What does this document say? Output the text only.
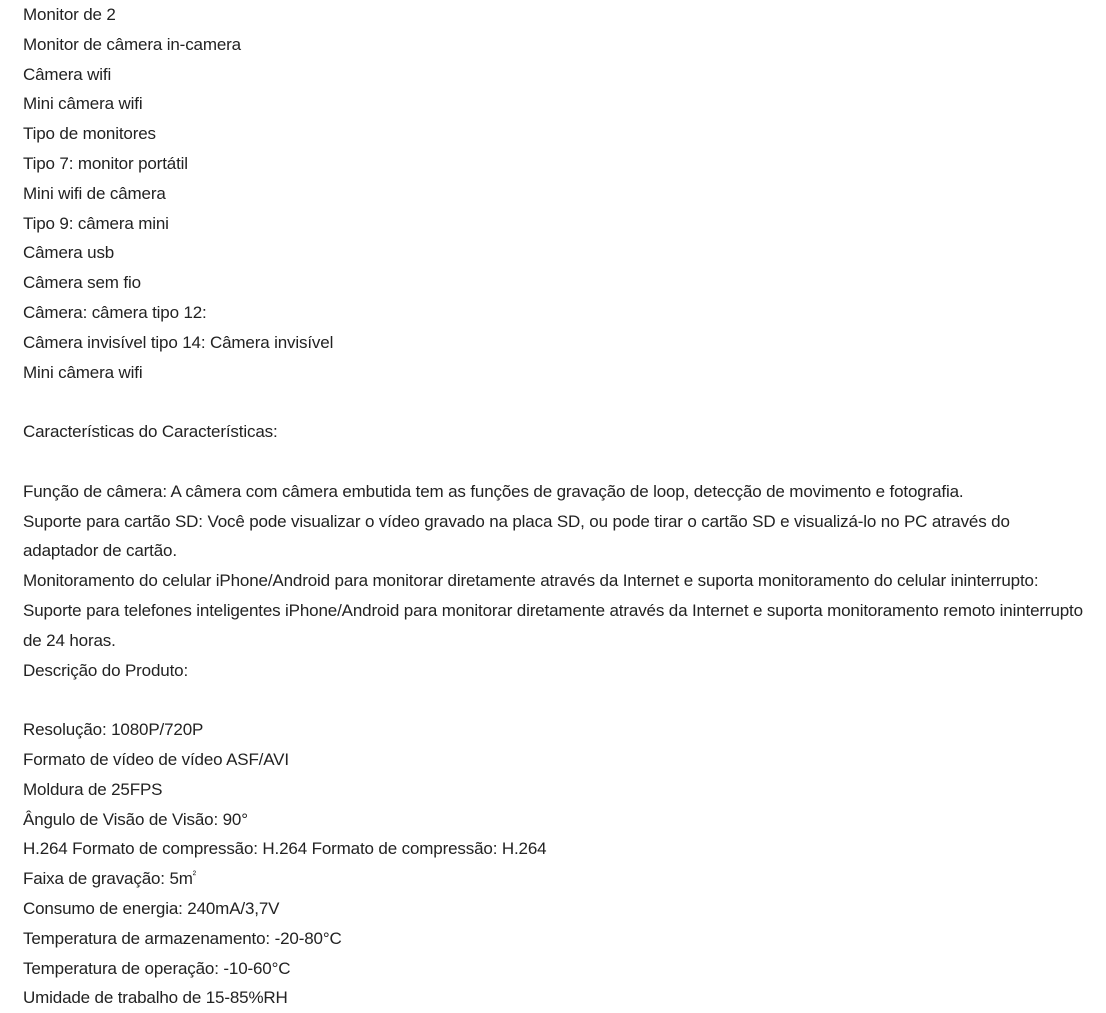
Monitor de 2
Monitor de câmera in-camera
Câmera wifi
Mini câmera wifi
Tipo de monitores
Tipo 7: monitor portátil
Mini wifi de câmera
Tipo 9: câmera mini
Câmera usb
Câmera sem fio
Câmera: câmera tipo 12:
Câmera invisível tipo 14: Câmera invisível
Mini câmera wifi
Características do Características:
Função de câmera: A câmera com câmera embutida tem as funções de gravação de loop, detecção de movimento e fotografia.
Suporte para cartão SD: Você pode visualizar o vídeo gravado na placa SD, ou pode tirar o cartão SD e visualizá-lo no PC através do adaptador de cartão.
Monitoramento do celular iPhone/Android para monitorar diretamente através da Internet e suporta monitoramento do celular ininterrupto:
Suporte para telefones inteligentes iPhone/Android para monitorar diretamente através da Internet e suporta monitoramento remoto ininterrupto de 24 horas.
Descrição do Produto:
Resolução: 1080P/720P
Formato de vídeo de vídeo ASF/AVI
Moldura de 25FPS
Ângulo de Visão de Visão: 90°
H.264 Formato de compressão: H.264 Formato de compressão: H.264
Faixa de gravação: $5m^{^2}$
Consumo de energia: 240mA/3,7V
Temperatura de armazenamento: -20-80°C
Temperatura de operação: -10-60°C
Umidade de trabalho de 15-85%RH
